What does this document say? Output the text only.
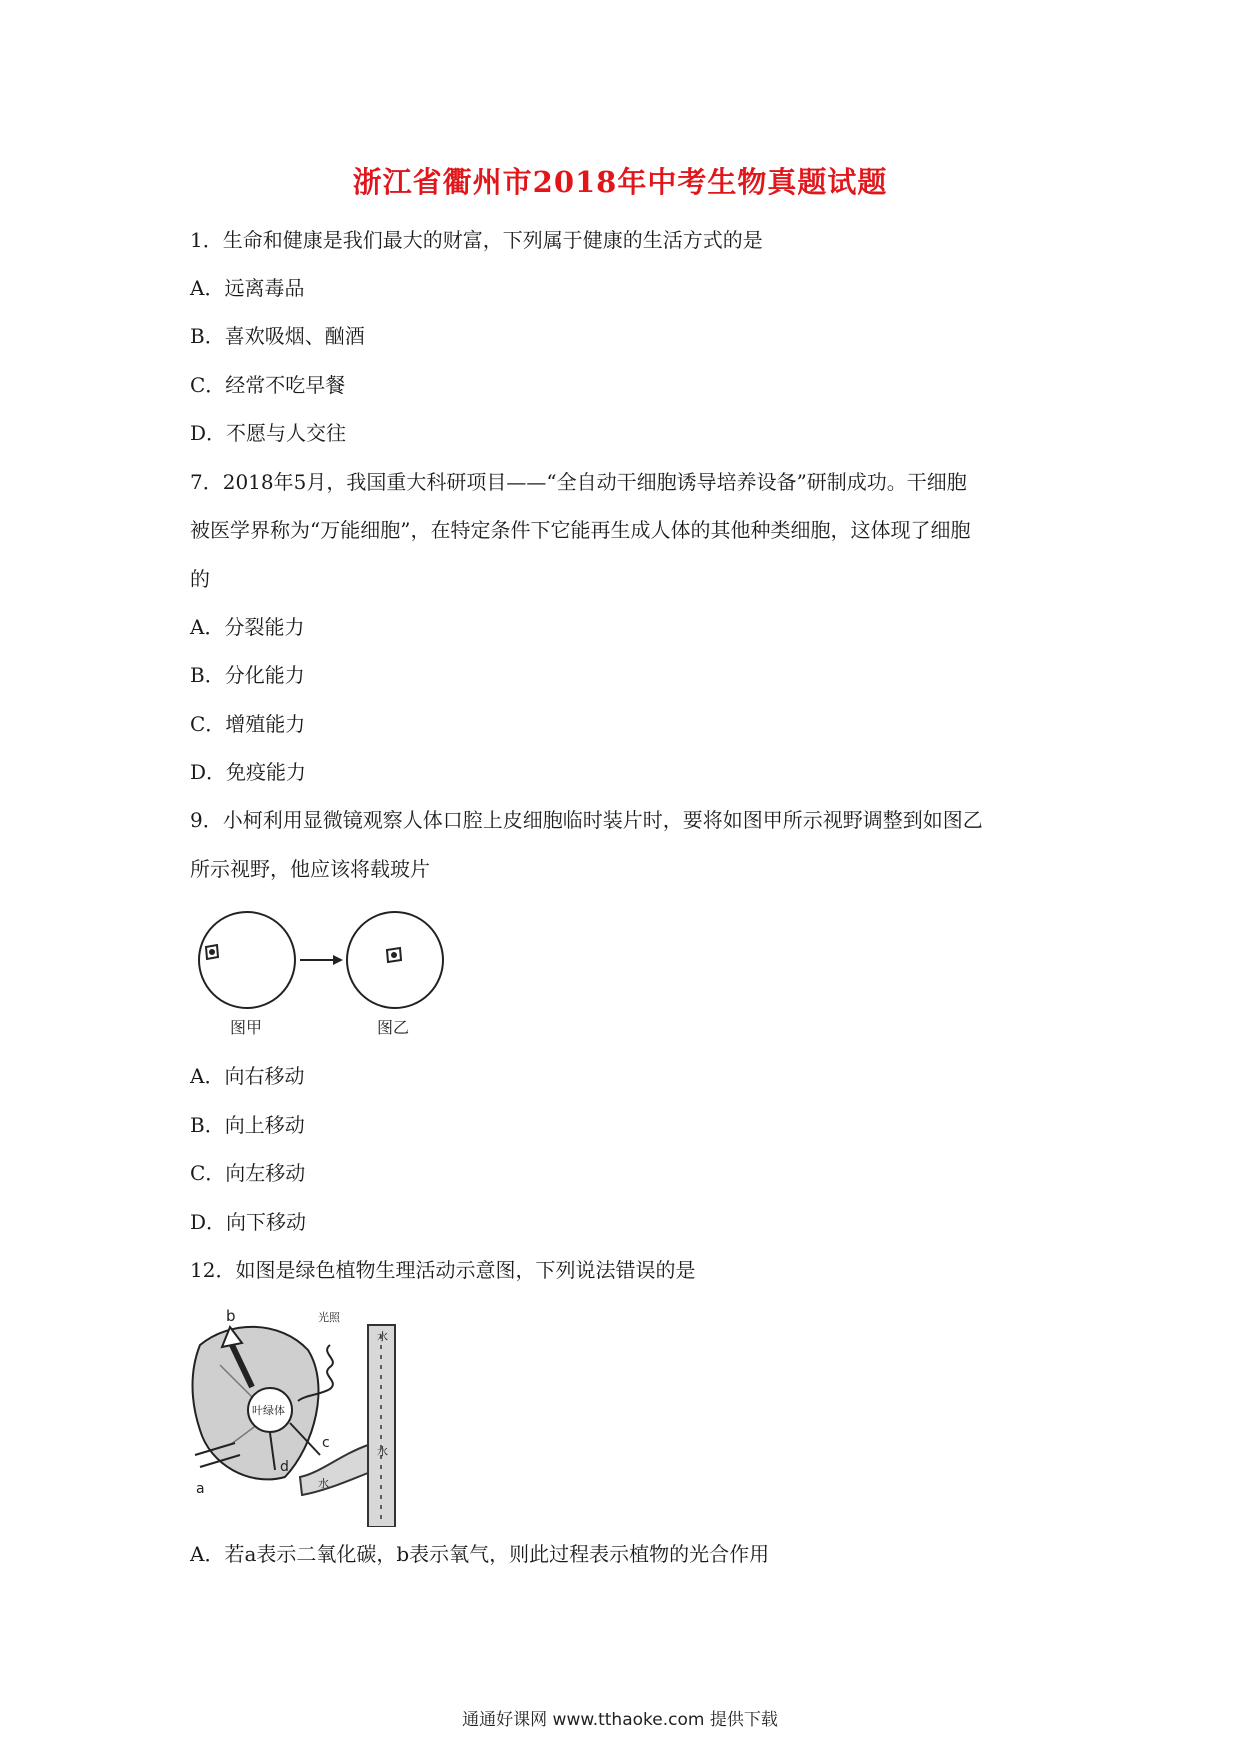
浙江省衢州市2018年中考生物真题试题
1．生命和健康是我们最大的财富，下列属于健康的生活方式的是
A．远离毒品
B．喜欢吸烟、酗酒
C．经常不吃早餐
D．不愿与人交往
7．2018年5月，我国重大科研项目——“全自动干细胞诱导培养设备”研制成功。干细胞
被医学界称为“万能细胞”，在特定条件下它能再生成人体的其他种类细胞，这体现了细胞
的
A．分裂能力
B．分化能力
C．增殖能力
D．免疫能力
9．小柯利用显微镜观察人体口腔上皮细胞临时装片时，要将如图甲所示视野调整到如图乙
所示视野，他应该将载玻片
图甲	图乙
A．向右移动
B．向上移动
C．向左移动
D．向下移动
12．如图是绿色植物生理活动示意图，下列说法错误的是
水
水
水
叶绿体
b	光照
a
c
d
A．若a表示二氧化碳，b表示氧气，则此过程表示植物的光合作用
通通好课网 www.tthaoke.com 提供下载
